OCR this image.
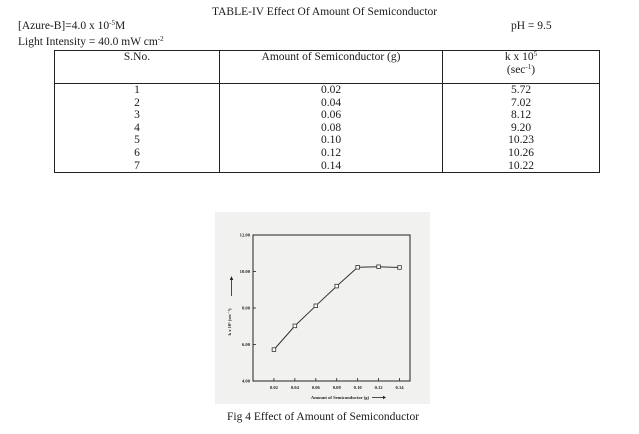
TABLE-IV Effect Of Amount Of Semiconductor
[Azure-B]=4.0 x $10^{-5}M$	pH = 9.5
Light Intensity = 40.0 mW $cm^{-2}$
S.No.	Amount of Semiconductor (g)	k x $10^5$
$(\sec^{-1})$
1	0.02	5.72
2	0.04	7.02
3	0.06	8.12
4	0.08	9.20
5	0.10	10.23
6	0.12	10.26
7	0.14	10.22
4.00
6.00
8.00
10.00
12.00
0.02	0.04	0.06	0.08	0.10	0.12	0.14
Amount of Semiconductor (g)
k x 10⁵ (sec⁻¹)
Fig 4 Effect of Amount of Semiconductor
